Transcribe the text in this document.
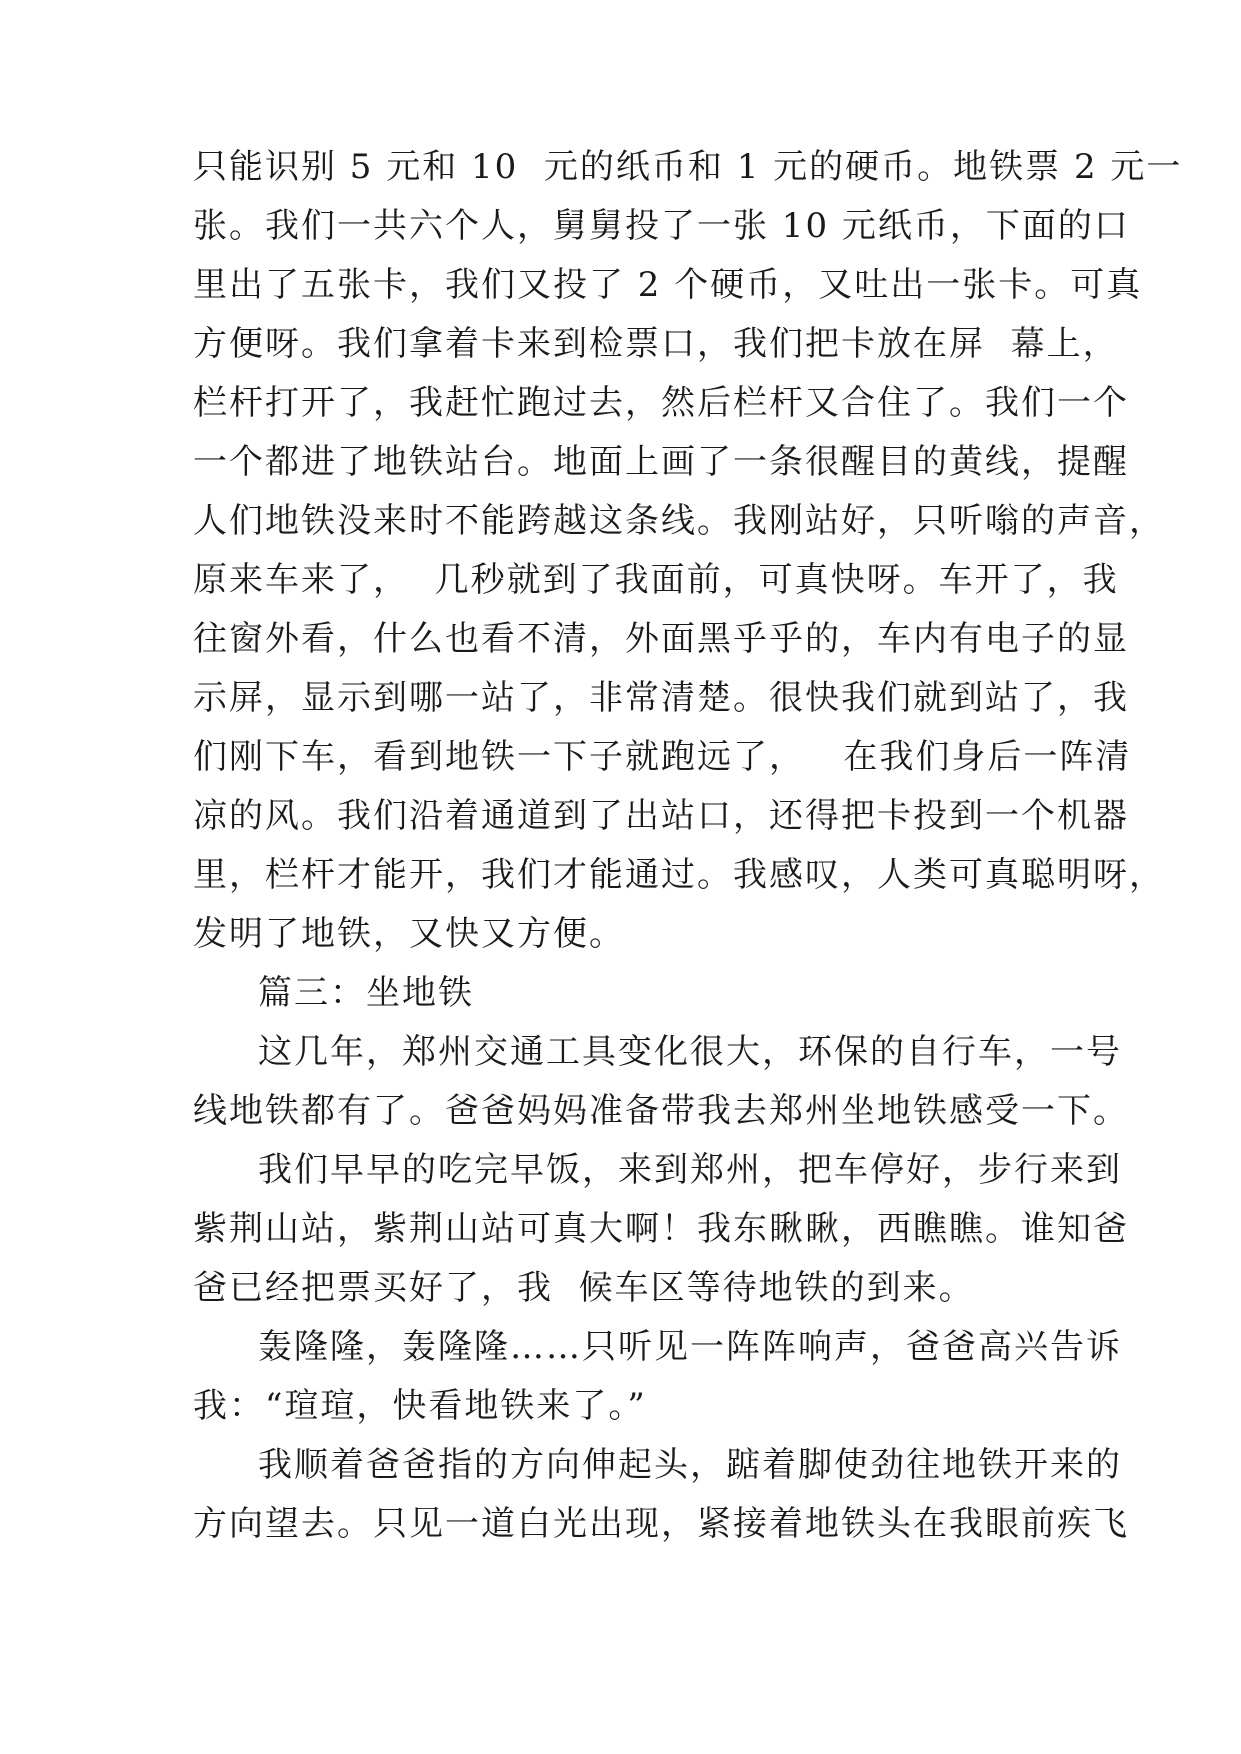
只能识别 5 元和 10  元的纸币和 1 元的硬币。地铁票 2 元一
张。我们一共六个人，舅舅投了一张 10 元纸币，下面的口
里出了五张卡，我们又投了 2 个硬币，又吐出一张卡。可真
方便呀。我们拿着卡来到检票口，我们把卡放在屏  幕上，
栏杆打开了，我赶忙跑过去，然后栏杆又合住了。我们一个
一个都进了地铁站台。地面上画了一条很醒目的黄线，提醒
人们地铁没来时不能跨越这条线。我刚站好，只听嗡的声音，
原来车来了，  几秒就到了我面前，可真快呀。车开了，我
往窗外看，什么也看不清，外面黑乎乎的，车内有电子的显
示屏，显示到哪一站了，非常清楚。很快我们就到站了，我
们刚下车，看到地铁一下子就跑远了，   在我们身后一阵清
凉的风。我们沿着通道到了出站口，还得把卡投到一个机器
里，栏杆才能开，我们才能通过。我感叹，人类可真聪明呀，
发明了地铁，又快又方便。
篇三：坐地铁
这几年，郑州交通工具变化很大，环保的自行车，一号
线地铁都有了。爸爸妈妈准备带我去郑州坐地铁感受一下。
我们早早的吃完早饭，来到郑州，把车停好，步行来到
紫荆山站，紫荆山站可真大啊！我东瞅瞅，西瞧瞧。谁知爸
爸已经把票买好了，我  候车区等待地铁的到来。
轰隆隆，轰隆隆……只听见一阵阵响声，爸爸高兴告诉
我：“瑄瑄，快看地铁来了。”
我顺着爸爸指的方向伸起头，踮着脚使劲往地铁开来的
方向望去。只见一道白光出现，紧接着地铁头在我眼前疾飞
